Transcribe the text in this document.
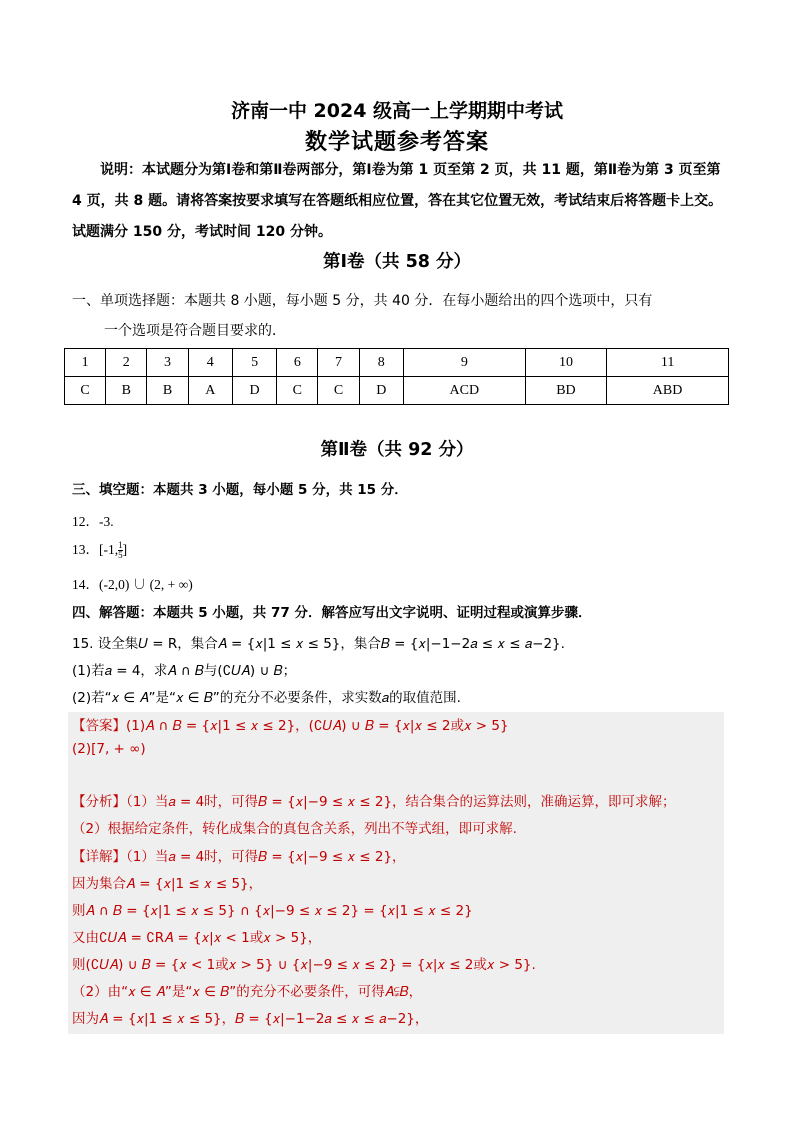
济南一中 2024 级高一上学期期中考试
数学试题参考答案
说明：本试题分为第Ⅰ卷和第Ⅱ卷两部分，第Ⅰ卷为第 1 页至第 2 页，共 11 题，第Ⅱ卷为第 3 页至第 4 页，共 8 题。请将答案按要求填写在答题纸相应位置，答在其它位置无效，考试结束后将答题卡上交。试题满分 150 分，考试时间 120 分钟。
第Ⅰ卷（共 58 分）
一、单项选择题：本题共 8 小题，每小题 5 分，共 40 分．在每小题给出的四个选项中，只有
一个选项是符合题目要求的．
1	2	3	4	5	6	7	8	9	10	11
C	B	B	A	D	C	C	D	ACD	BD	ABD
第Ⅱ卷（共 92 分）
三、填空题：本题共 3 小题，每小题 5 分，共 15 分．
12．-3.
13．[-1, $\frac{1}{5}$ ]
14．(-2,0) ∪ (2, + ∞)
四、解答题：本题共 5 小题，共 77 分．解答应写出文字说明、证明过程或演算步骤．
15. 设全集𝑈 = R，集合𝐴 = {𝑥|1 ≤ 𝑥 ≤ 5}，集合𝐵 = {𝑥|−1−2𝑎 ≤ 𝑥 ≤ 𝑎−2}.
(1)若𝑎 = 4，求𝐴 ∩ 𝐵与(∁𝑈𝐴) ∪ 𝐵；
(2)若“𝑥 ∈ 𝐴”是“𝑥 ∈ 𝐵”的充分不必要条件，求实数𝑎的取值范围.
【答案】(1)𝐴 ∩ 𝐵 = {𝑥|1 ≤ 𝑥 ≤ 2}，(∁𝑈𝐴) ∪ 𝐵 = {𝑥|𝑥 ≤ 2或𝑥 > 5}
(2)[7, + ∞)
【分析】（1）当𝑎 = 4时，可得𝐵 = {𝑥|−9 ≤ 𝑥 ≤ 2}，结合集合的运算法则，准确运算，即可求解；
（2）根据给定条件，转化成集合的真包含关系，列出不等式组，即可求解.
【详解】（1）当𝑎 = 4时，可得𝐵 = {𝑥|−9 ≤ 𝑥 ≤ 2}，
因为集合𝐴 = {𝑥|1 ≤ 𝑥 ≤ 5}，
则𝐴 ∩ 𝐵 = {𝑥|1 ≤ 𝑥 ≤ 5} ∩ {𝑥|−9 ≤ 𝑥 ≤ 2} = {𝑥|1 ≤ 𝑥 ≤ 2}
又由∁𝑈𝐴 = ∁R𝐴 = {𝑥|𝑥 < 1或𝑥 > 5}，
则(∁𝑈𝐴) ∪ 𝐵 = {𝑥 < 1或𝑥 > 5} ∪ {𝑥|−9 ≤ 𝑥 ≤ 2} = {𝑥|𝑥 ≤ 2或𝑥 > 5}.
（2）由“𝑥 ∈ 𝐴”是“𝑥 ∈ 𝐵”的充分不必要条件，可得𝐴⫋𝐵，
因为𝐴 = {𝑥|1 ≤ 𝑥 ≤ 5}，𝐵 = {𝑥|−1−2𝑎 ≤ 𝑥 ≤ 𝑎−2}，
